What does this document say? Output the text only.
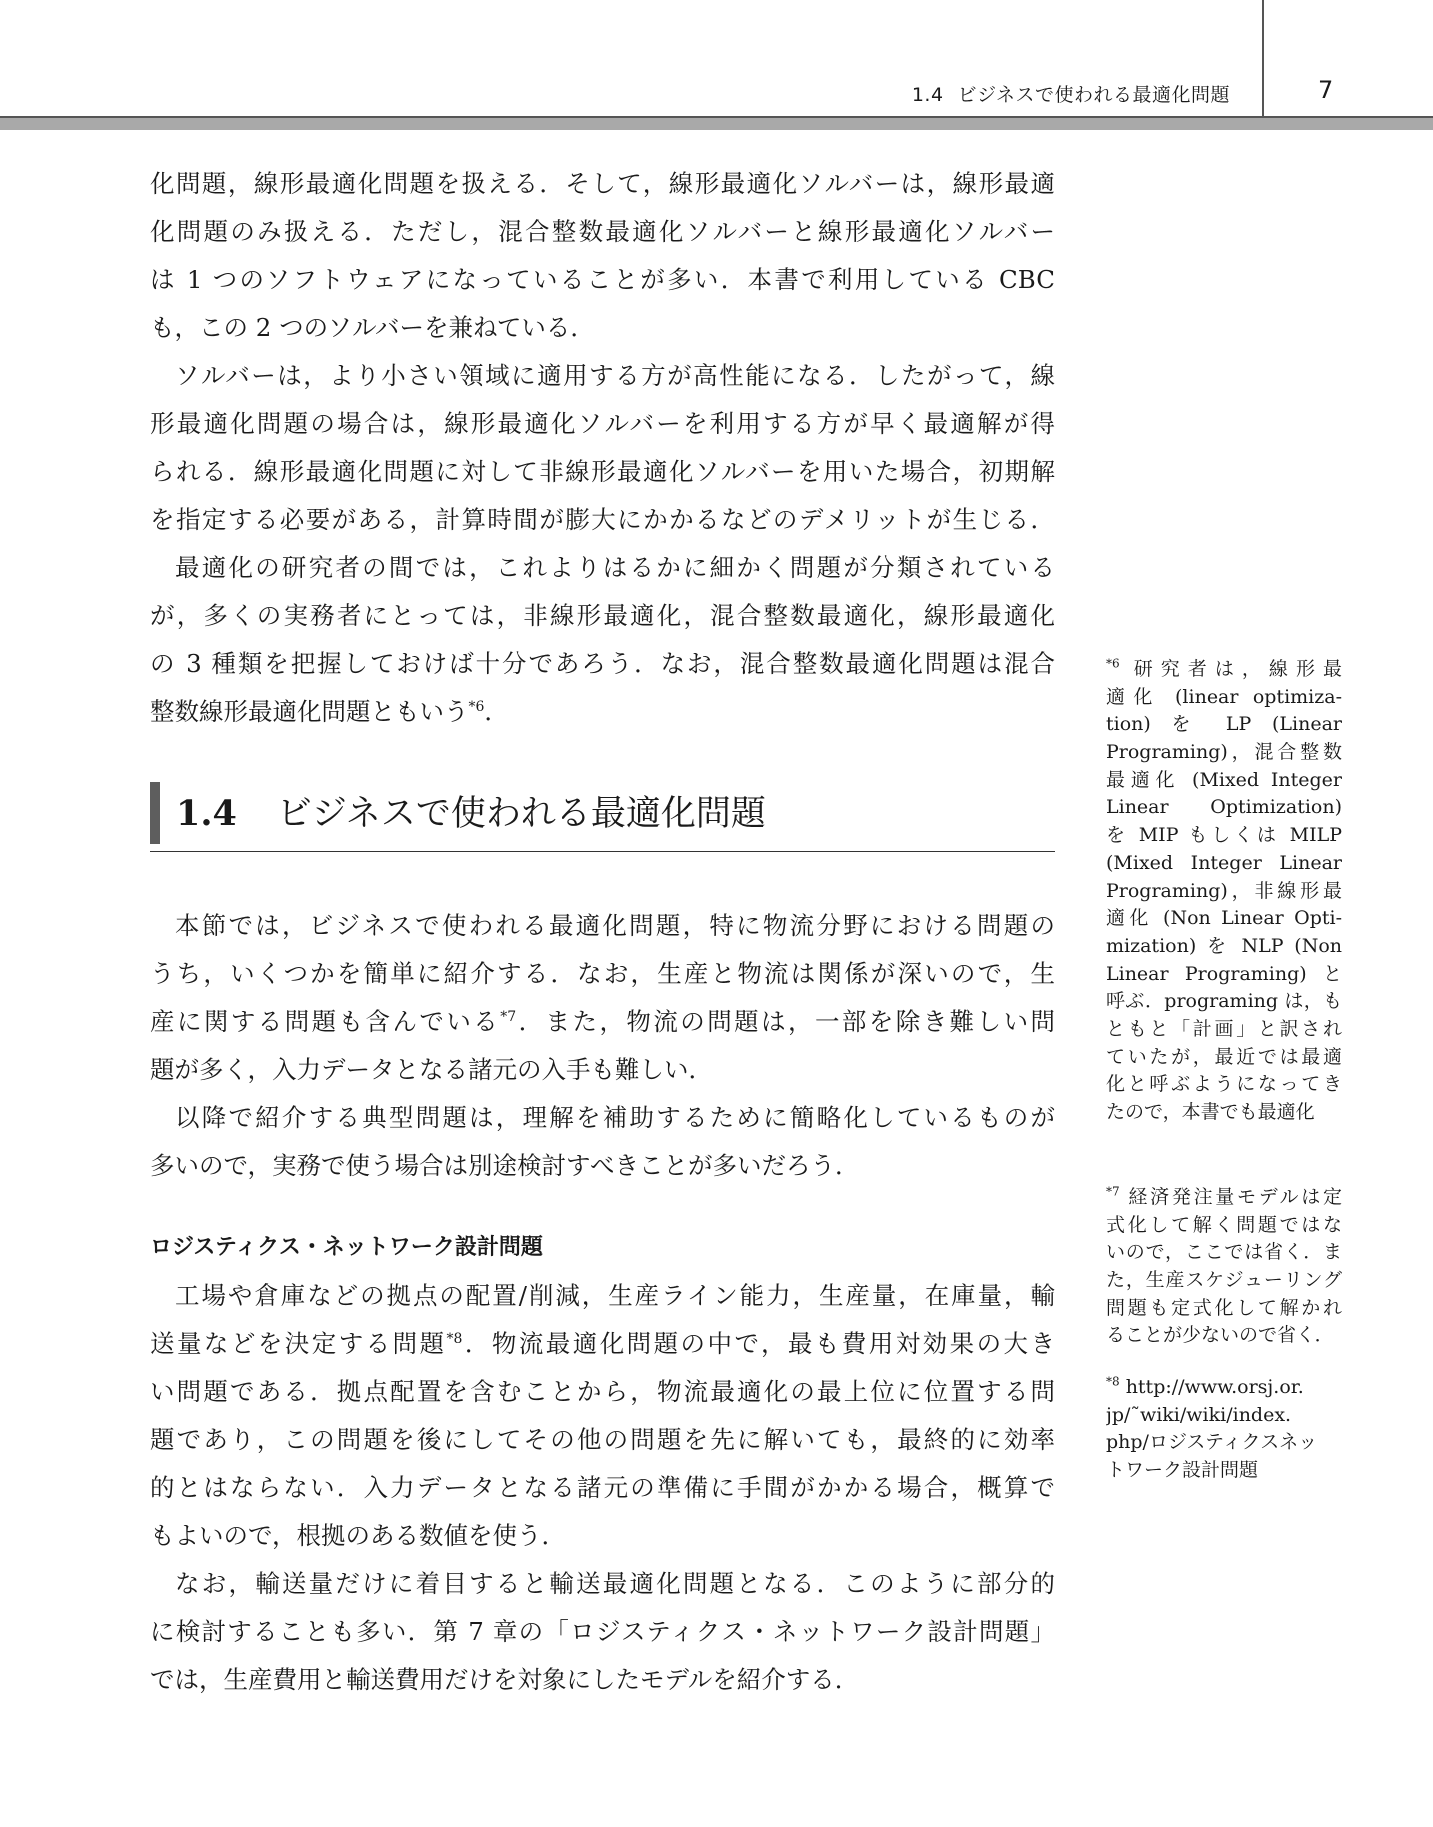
1.4 ビジネスで使われる最適化問題	7
化問題，線形最適化問題を扱える．そして，線形最適化ソルバーは，線形最適
化問題のみ扱える．ただし，混合整数最適化ソルバーと線形最適化ソルバー
は 1 つのソフトウェアになっていることが多い．本書で利用している CBC
も，この 2 つのソルバーを兼ねている．
ソルバーは，より小さい領域に適用する方が高性能になる．したがって，線
形最適化問題の場合は，線形最適化ソルバーを利用する方が早く最適解が得
られる．線形最適化問題に対して非線形最適化ソルバーを用いた場合，初期解
を指定する必要がある，計算時間が膨大にかかるなどのデメリットが生じる．
最適化の研究者の間では，これよりはるかに細かく問題が分類されている
が，多くの実務者にとっては，非線形最適化，混合整数最適化，線形最適化
の 3 種類を把握しておけば十分であろう．なお，混合整数最適化問題は混合
整数線形最適化問題ともいう$^{*6}$．
1.4 ビジネスで使われる最適化問題
本節では，ビジネスで使われる最適化問題，特に物流分野における問題の
うち，いくつかを簡単に紹介する．なお，生産と物流は関係が深いので，生
産に関する問題も含んでいる$^{*7}$．また，物流の問題は，一部を除き難しい問
題が多く，入力データとなる諸元の入手も難しい．
以降で紹介する典型問題は，理解を補助するために簡略化しているものが
多いので，実務で使う場合は別途検討すべきことが多いだろう．
ロジスティクス・ネットワーク設計問題
工場や倉庫などの拠点の配置/削減，生産ライン能力，生産量，在庫量，輸
送量などを決定する問題$^{*8}$．物流最適化問題の中で，最も費用対効果の大き
い問題である．拠点配置を含むことから，物流最適化の最上位に位置する問
題であり，この問題を後にしてその他の問題を先に解いても，最終的に効率
的とはならない．入力データとなる諸元の準備に手間がかかる場合，概算で
もよいので，根拠のある数値を使う．
なお，輸送量だけに着目すると輸送最適化問題となる．このように部分的
に検討することも多い．第 7 章の「ロジスティクス・ネットワーク設計問題」
では，生産費用と輸送費用だけを対象にしたモデルを紹介する．
$^{*6}$ 研究者は，線形最
適化 (linear optimiza-
tion) を LP (Linear
Programing)，混合整数
最適化 (Mixed Integer
Linear Optimization)
を MIP もしくは MILP
(Mixed Integer Linear
Programing)，非線形最
適化 (Non Linear Opti-
mization) を NLP (Non
Linear Programing) と
呼ぶ．programing は，も
ともと「計画」と訳され
ていたが，最近では最適
化と呼ぶようになってき
たので，本書でも最適化
$^{*7}$ 経済発注量モデルは定
式化して解く問題ではな
いので，ここでは省く．ま
た，生産スケジューリング
問題も定式化して解かれ
ることが少ないので省く．
$^{*8}$ http://www.orsj.or.
jp/˜wiki/wiki/index.
php/ロジスティクスネッ
トワーク設計問題
